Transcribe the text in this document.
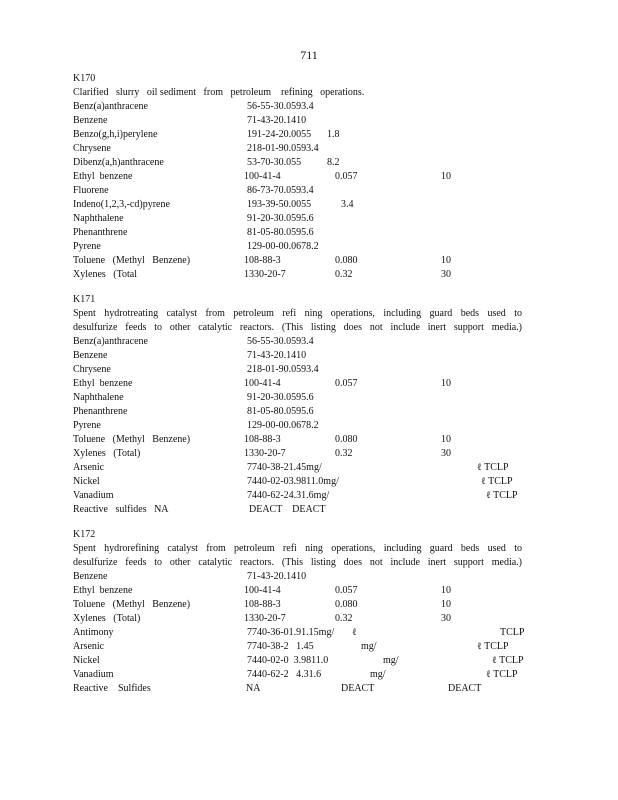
711
K170
Clarified   slurry   oil sediment   from   petroleum    refining   operations.
Benz(a)anthracene	56-55-30.0593.4
Benzene	71-43-20.1410
Benzo(g,h,i)perylene	191-24-20.0055 1.8
Chrysene	218-01-90.0593.4
Dibenz(a,h)anthracene	53-70-30.055	8.2
Ethyl  benzene	100-41-4	0.057	10
Fluorene	86-73-70.0593.4
Indeno(1,2,3,-cd)pyrene	193-39-50.0055	3.4
Naphthalene	91-20-30.0595.6
Phenanthrene	81-05-80.0595.6
Pyrene	129-00-00.0678.2
Toluene   (Methyl   Benzene)	108-88-3	0.080	10
Xylenes   (Total	1330-20-7	0.32	30
K171
Spent hydrotreating catalyst from petroleum refi ning operations, including guard beds used to
desulfurize feeds to other catalytic reactors. (This listing does not include inert support media.)
Benz(a)anthracene	56-55-30.0593.4
Benzene	71-43-20.1410
Chrysene	218-01-90.0593.4
Ethyl  benzene	100-41-4	0.057	10
Naphthalene	91-20-30.0595.6
Phenanthrene	81-05-80.0595.6
Pyrene	129-00-00.0678.2
Toluene   (Methyl   Benzene)	108-88-3	0.080	10
Xylenes   (Total)	1330-20-7	0.32	30
Arsenic	7740-38-21.45mg/	ℓ TCLP
Nickel	7440-02-03.9811.0mg/	ℓ TCLP
Vanadium	7440-62-24.31.6mg/	ℓ TCLP
Reactive   sulfides   NA	DEACT    DEACT
K172
Spent hydrorefining catalyst from petroleum refi ning operations, including guard beds used to
desulfurize feeds to other catalytic reactors. (This listing does not include inert support media.)
Benzene	71-43-20.1410
Ethyl  benzene	100-41-4	0.057	10
Toluene   (Methyl   Benzene)	108-88-3	0.080	10
Xylenes   (Total)	1330-20-7	0.32	30
Antimony	7740-36-01.91.15mg/ ℓ	TCLP
Arsenic	7740-38-2   1.45	mg/	ℓ TCLP
Nickel	7440-02-0  3.9811.0	mg/	ℓ TCLP
Vanadium	7440-62-2   4.31.6	mg/	ℓ TCLP
Reactive    Sulfides	NA	DEACT	DEACT
